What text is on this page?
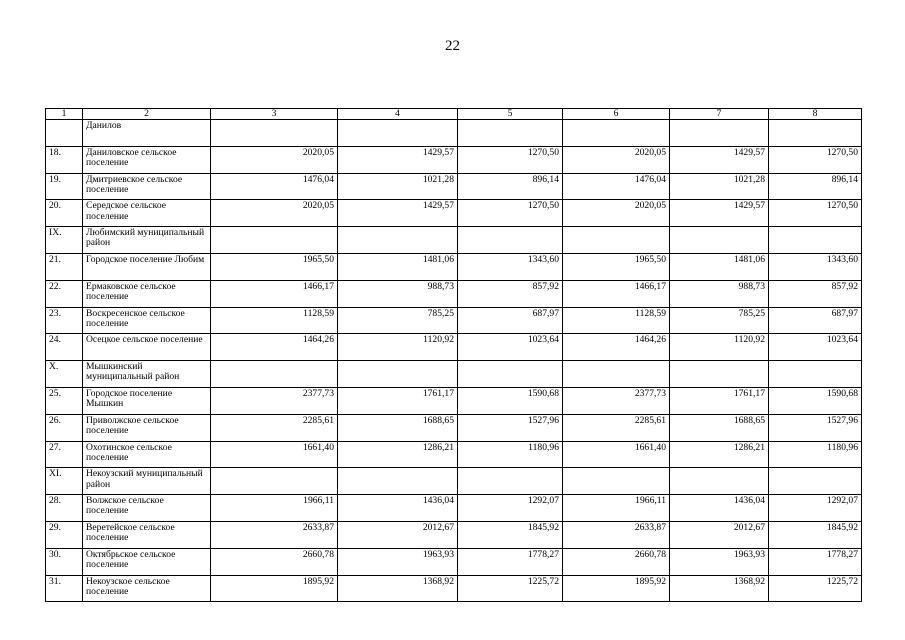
22
1	2	3	4	5	6	7	8
	Данилов						
18.	Даниловское сельское поселение	2020,05	1429,57	1270,50	2020,05	1429,57	1270,50
19.	Дмитриевское сельское поселение	1476,04	1021,28	896,14	1476,04	1021,28	896,14
20.	Середское сельское поселение	2020,05	1429,57	1270,50	2020,05	1429,57	1270,50
IX.	Любимский муниципальный район						
21.	Городское поселение Любим	1965,50	1481,06	1343,60	1965,50	1481,06	1343,60
22.	Ермаковское сельское поселение	1466,17	988,73	857,92	1466,17	988,73	857,92
23.	Воскресенское сельское поселение	1128,59	785,25	687,97	1128,59	785,25	687,97
24.	Осецкое сельское поселение	1464,26	1120,92	1023,64	1464,26	1120,92	1023,64
X.	Мышкинский муниципальный район						
25.	Городское поселение Мышкин	2377,73	1761,17	1590,68	2377,73	1761,17	1590,68
26.	Приволжское сельское поселение	2285,61	1688,65	1527,96	2285,61	1688,65	1527,96
27.	Охотинское сельское поселение	1661,40	1286,21	1180,96	1661,40	1286,21	1180,96
XI.	Некоузский муниципальный район						
28.	Волжское сельское поселение	1966,11	1436,04	1292,07	1966,11	1436,04	1292,07
29.	Веретейское сельское поселение	2633,87	2012,67	1845,92	2633,87	2012,67	1845,92
30.	Октябрьское сельское поселение	2660,78	1963,93	1778,27	2660,78	1963,93	1778,27
31.	Некоузское сельское поселение	1895,92	1368,92	1225,72	1895,92	1368,92	1225,72
